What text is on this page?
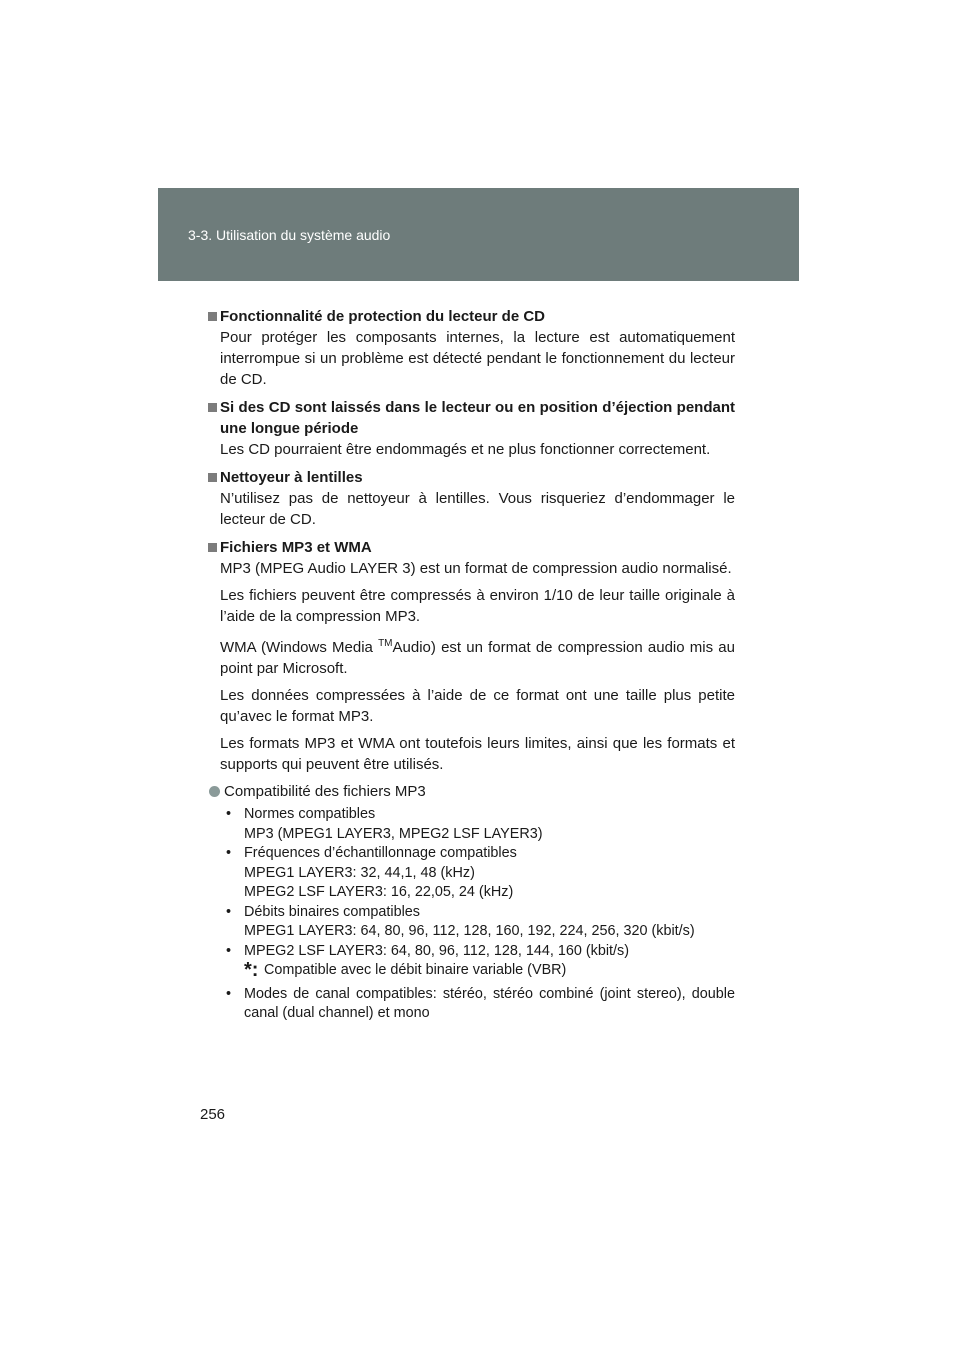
3-3. Utilisation du système audio
Fonctionnalité de protection du lecteur de CD

Pour protéger les composants internes, la lecture est automatiquement interrompue si un problème est détecté pendant le fonctionnement du lecteur de CD.

Si des CD sont laissés dans le lecteur ou en position d’éjection pendant une longue période

Les CD pourraient être endommagés et ne plus fonctionner correctement.

Nettoyeur à lentilles

N’utilisez pas de nettoyeur à lentilles. Vous risqueriez d’endommager le lecteur de CD.

Fichiers MP3 et WMA

MP3 (MPEG Audio LAYER 3) est un format de compression audio normalisé.

Les fichiers peuvent être compressés à environ 1/10 de leur taille originale à l’aide de la compression MP3.

WMA (Windows Media ™Audio) est un format de compression audio mis au point par Microsoft.

Les données compressées à l’aide de ce format ont une taille plus petite qu’avec le format MP3.

Les formats MP3 et WMA ont toutefois leurs limites, ainsi que les formats et supports qui peuvent être utilisés.

Compatibilité des fichiers MP3
• Normes compatibles
MP3 (MPEG1 LAYER3, MPEG2 LSF LAYER3)
• Fréquences d’échantillonnage compatibles
MPEG1 LAYER3: 32, 44,1, 48 (kHz)
MPEG2 LSF LAYER3: 16, 22,05, 24 (kHz)
• Débits binaires compatibles
MPEG1 LAYER3: 64, 80, 96, 112, 128, 160, 192, 224, 256, 320 (kbit/s)
• MPEG2 LSF LAYER3: 64, 80, 96, 112, 128, 144, 160 (kbit/s)
*: Compatible avec le débit binaire variable (VBR)
• Modes de canal compatibles: stéréo, stéréo combiné (joint stereo), double canal (dual channel) et mono
256
